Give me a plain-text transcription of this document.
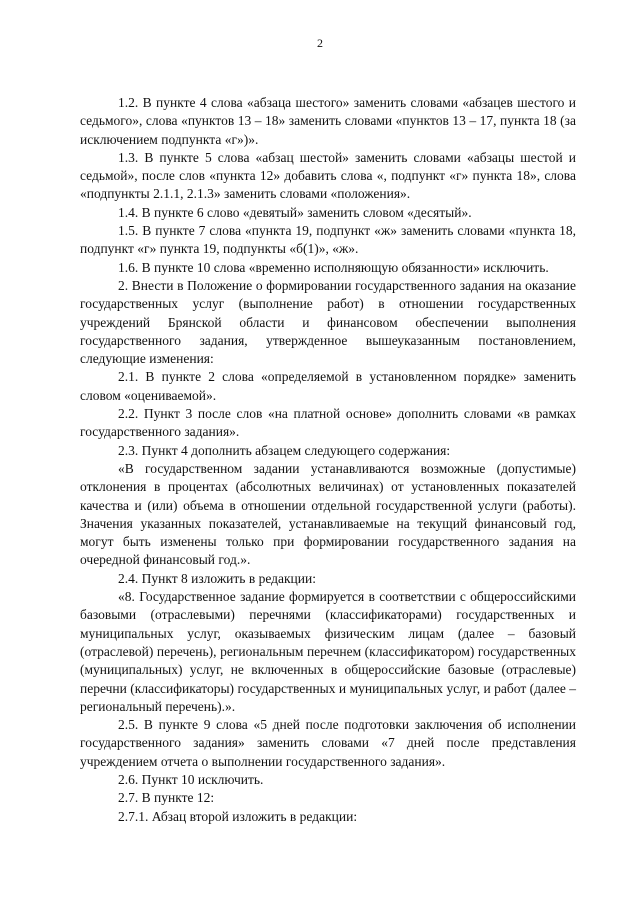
2

1.2. В пункте 4 слова «абзаца шестого» заменить словами «абзацев шестого и седьмого», слова «пунктов 13 – 18» заменить словами «пунктов 13 – 17, пункта 18 (за исключением подпункта «г»)».

1.3. В пункте 5 слова «абзац шестой» заменить словами «абзацы шестой и седьмой», после слов «пункта 12» добавить слова «, подпункт «г» пункта 18», слова «подпункты 2.1.1, 2.1.3» заменить словами «положения».

1.4. В пункте 6 слово «девятый» заменить словом «десятый».

1.5. В пункте 7 слова «пункта 19, подпункт «ж» заменить словами «пункта 18, подпункт «г» пункта 19, подпункты «б(1)», «ж».

1.6. В пункте 10 слова «временно исполняющую обязанности» исключить.

2. Внести в Положение о формировании государственного задания на оказание государственных услуг (выполнение работ) в отношении государственных учреждений Брянской области и финансовом обеспечении выполнения государственного задания, утвержденное вышеуказанным постановлением, следующие изменения:

2.1. В пункте 2 слова «определяемой в установленном порядке» заменить словом «оцениваемой».

2.2. Пункт 3 после слов «на платной основе» дополнить словами «в рамках государственного задания».

2.3. Пункт 4 дополнить абзацем следующего содержания:

«В государственном задании устанавливаются возможные (допустимые) отклонения в процентах (абсолютных величинах) от установленных показателей качества и (или) объема в отношении отдельной государственной услуги (работы). Значения указанных показателей, устанавливаемые на текущий финансовый год, могут быть изменены только при формировании государственного задания на очередной финансовый год.».

2.4. Пункт 8 изложить в редакции:

«8. Государственное задание формируется в соответствии с общероссийскими базовыми (отраслевыми) перечнями (классификаторами) государственных и муниципальных услуг, оказываемых физическим лицам (далее – базовый (отраслевой) перечень), региональным перечнем (классификатором) государственных (муниципальных) услуг, не включенных в общероссийские базовые (отраслевые) перечни (классификаторы) государственных и муниципальных услуг, и работ (далее – региональный перечень).».

2.5. В пункте 9 слова «5 дней после подготовки заключения об исполнении государственного задания» заменить словами «7 дней после представления учреждением отчета о выполнении государственного задания».

2.6. Пункт 10 исключить.

2.7. В пункте 12:

2.7.1. Абзац второй изложить в редакции:
